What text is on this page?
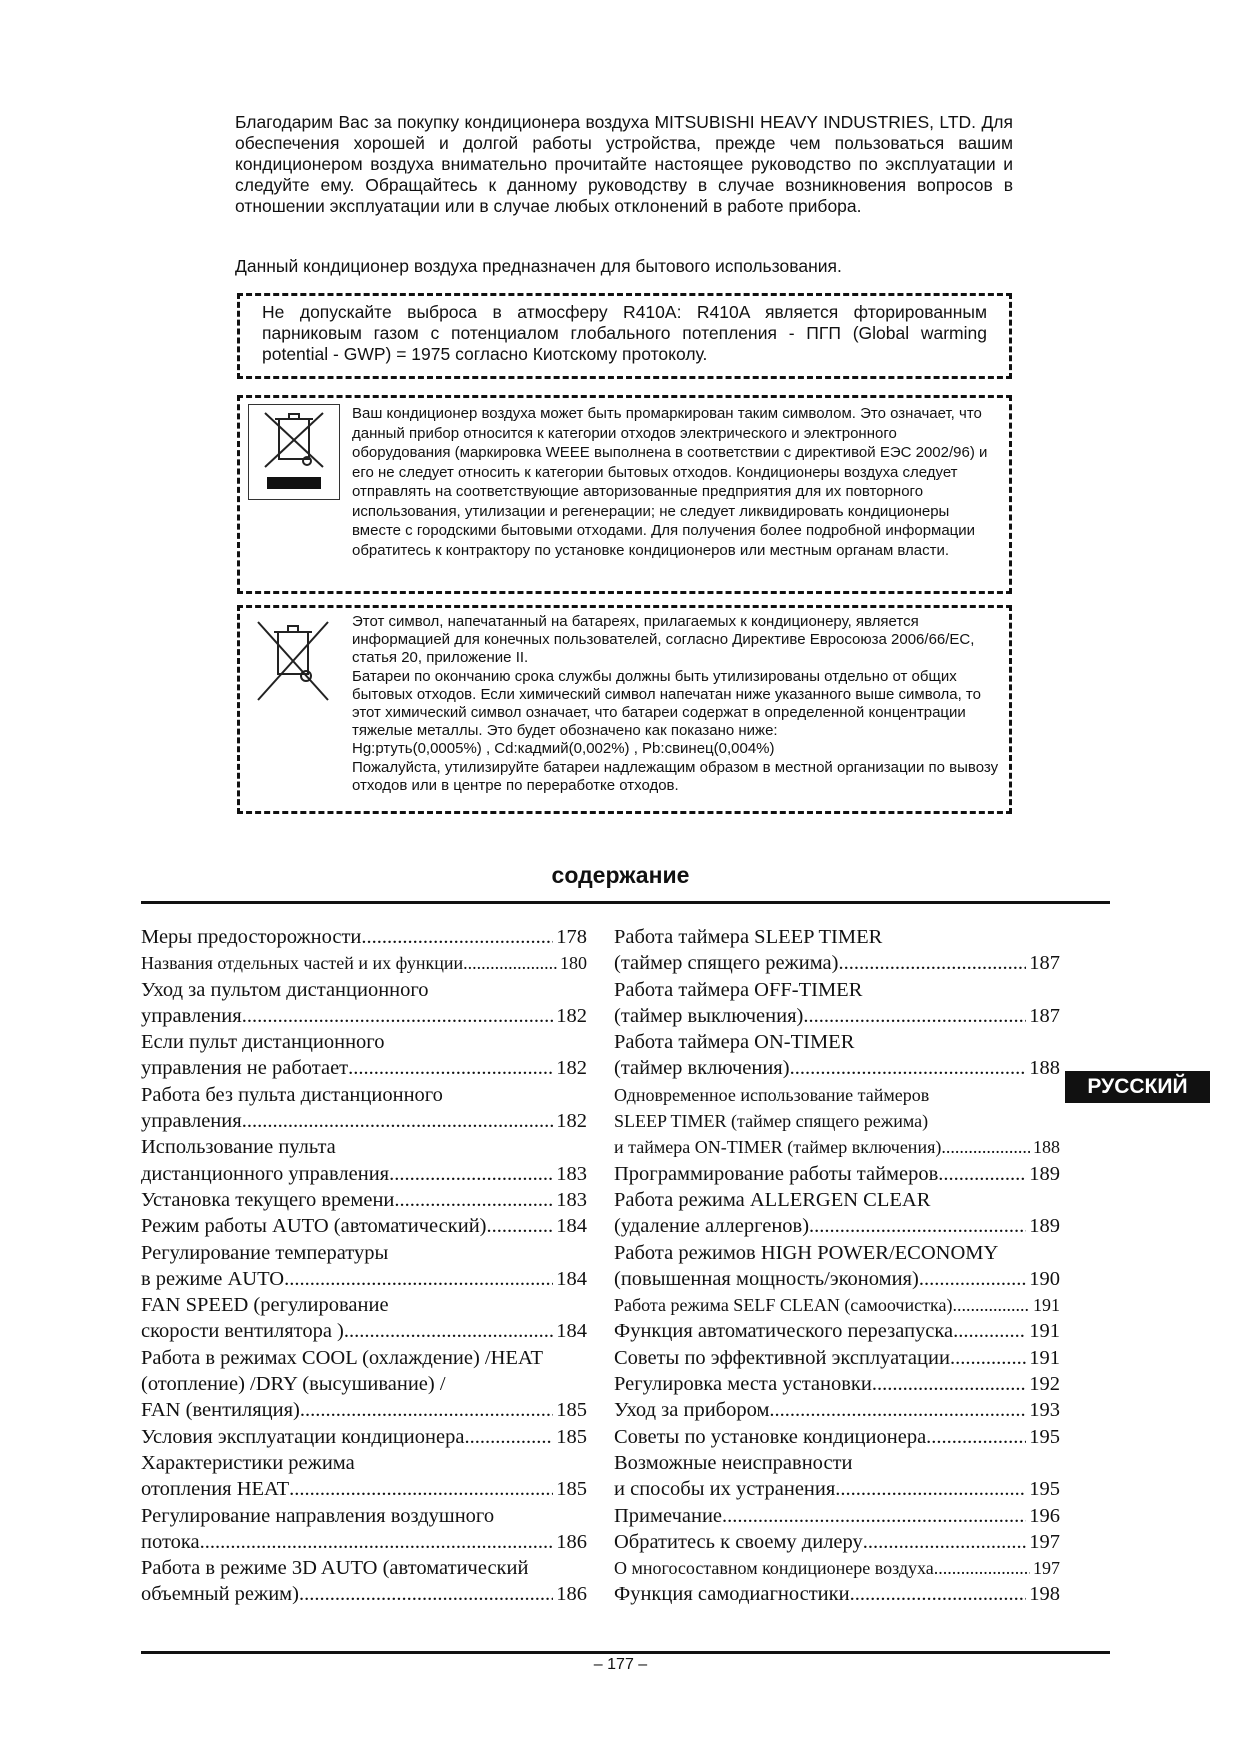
Благодарим Вас за покупку кондиционера воздуха MITSUBISHI HEAVY INDUSTRIES, LTD. Для обеспечения хорошей и долгой работы устройства, прежде чем пользоваться вашим кондиционером воздуха внимательно прочитайте настоящее руководство по эксплуатации и следуйте ему. Обращайтесь к данному руководству в случае возникновения вопросов в отношении эксплуатации или в случае любых отклонений в работе прибора.

Данный кондиционер воздуха предназначен для бытового использования.

Не допускайте выброса в атмосферу R410A: R410A является фторированным парниковым газом с потенциалом глобального потепления - ПГП (Global warming potential - GWP) = 1975 согласно Киотскому протоколу.
Ваш кондиционер воздуха может быть промаркирован таким символом. Это означает, что данный прибор относится к категории отходов электрического и электронного оборудования (маркировка WEEE выполнена в соответствии с директивой ЕЭС 2002/96) и его не следует относить к категории бытовых отходов. Кондиционеры воздуха следует отправлять на соответствующие авторизованные предприятия для их повторного использования, утилизации и регенерации; не следует ликвидировать кондиционеры вместе с городскими бытовыми отходами. Для получения более подробной информации обратитесь к контрактору по установке кондиционеров или местным органам власти.
Этот символ, напечатанный на батареях, прилагаемых к кондиционеру, является информацией для конечных пользователей, согласно Директиве Евросоюза 2006/66/EC, статья 20, приложение II.
Батареи по окончанию срока службы должны быть утилизированы отдельно от общих бытовых отходов. Если химический символ напечатан ниже указанного выше символа, то этот химический символ означает, что батареи содержат в определенной концентрации тяжелые металлы. Это будет обозначено как показано ниже:
Hg:ртуть(0,0005%) , Cd:кадмий(0,002%) , Pb:свинец(0,004%)
Пожалуйста, утилизируйте батареи надлежащим образом в местной организации по вывозу отходов или в центре по переработке отходов.
содержание
Меры предосторожности .....	178
Названия отдельных частей и их функции .....	180
Уход за пультом дистанционного
управления .....	182
Если пульт дистанционного
управления не работает .....	182
Работа без пульта дистанционного
управления .....	182
Использование пульта
дистанционного управления .....	183
Установка текущего времени .....	183
Режим работы AUTO (автоматический) .....	184
Регулирование температуры
в режиме AUTO .....	184
FAN SPEED (регулирование
скорости вентилятора ) .....	184
Работа в режимах COOL (охлаждение) /HEAT
(отопление) /DRY (высушивание) /
FAN (вентиляция) .....	185
Условия эксплуатации кондиционера .....	185
Характеристики режима
отопления HEAT .....	185
Регулирование направления воздушного
потока .....	186
Работа в режиме 3D AUTO (автоматический
объемный режим) .....	186
Работа таймера SLEEP TIMER
(таймер спящего режима) .....	187
Работа таймера OFF-TIMER
(таймер выключения) .....	187
Работа таймера ON-TIMER
(таймер включения) .....	188
Одновременное использование таймеров
SLEEP TIMER (таймер спящего режима)
и таймера ON-TIMER (таймер включения) .....	188
Программирование работы таймеров .....	189
Работа режима ALLERGEN CLEAR
(удаление аллергенов) .....	189
Работа режимов HIGH POWER/ECONOMY
(повышенная мощность/экономия) .....	190
Работа режима SELF CLEAN (самоочистка) .....	191
Функция автоматического перезапуска .....	191
Советы по эффективной эксплуатации .....	191
Регулировка места установки .....	192
Уход за прибором .....	193
Советы по установке кондиционера .....	195
Возможные неисправности
и способы их устранения .....	195
Примечание .....	196
Обратитесь к своему дилеру .....	197
О многосоставном кондиционере воздуха .....	197
Функция самодиагностики .....	198
РУССКИЙ
– 177 –
